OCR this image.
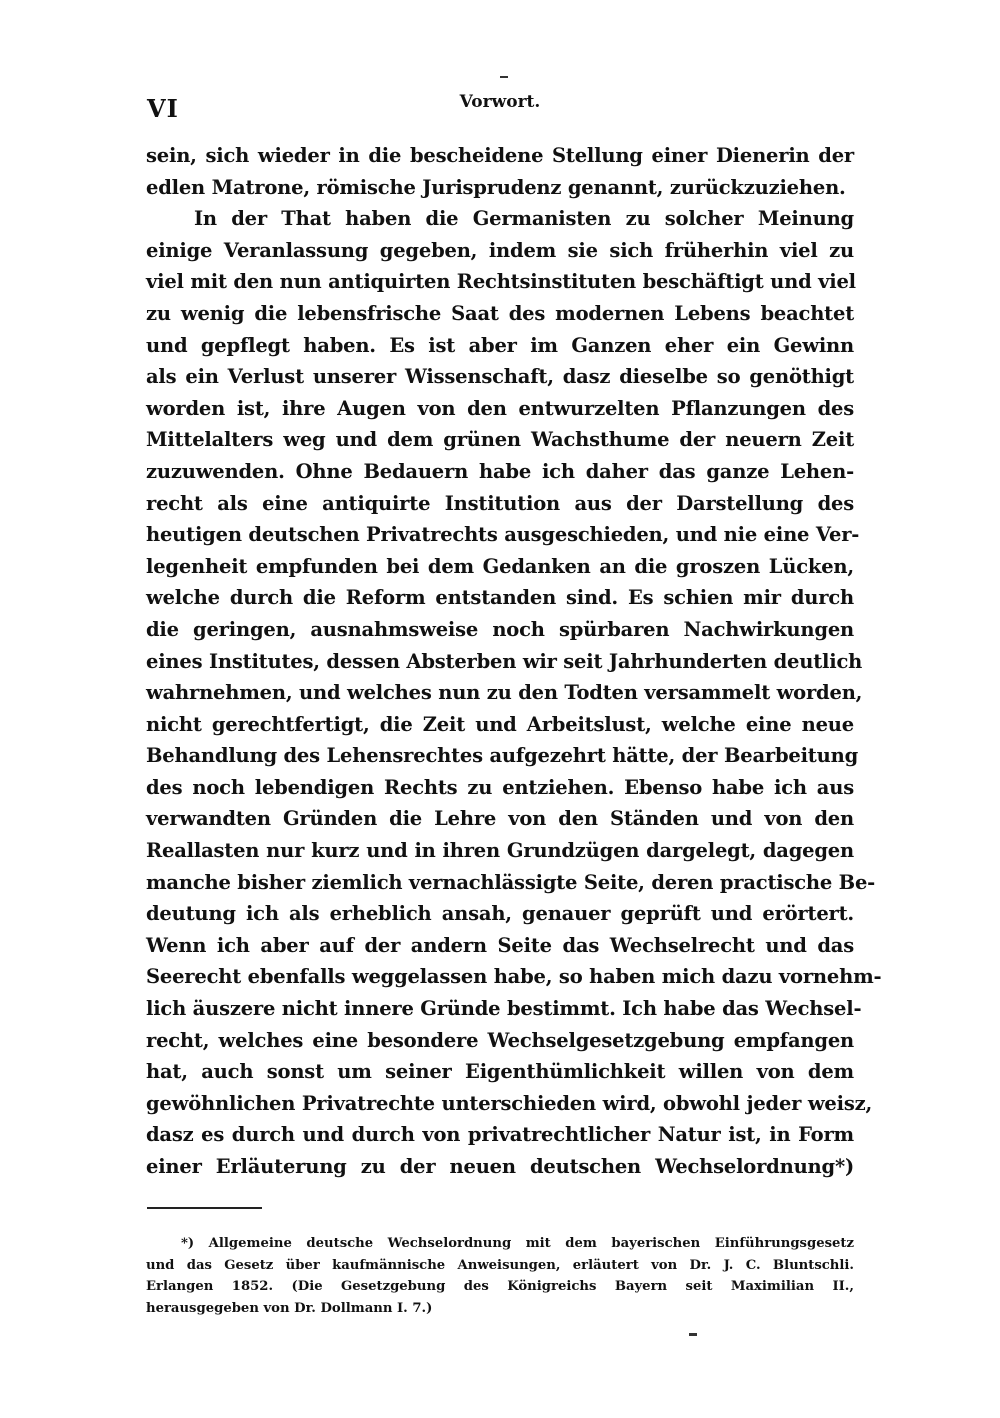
VI	Vorwort.
sein, sich wieder in die bescheidene Stellung einer Dienerin der
edlen Matrone, römische Jurisprudenz genannt, zurückzuziehen.
In der That haben die Germanisten zu solcher Meinung
einige Veranlassung gegeben, indem sie sich früherhin viel zu
viel mit den nun antiquirten Rechtsinstituten beschäftigt und viel
zu wenig die lebensfrische Saat des modernen Lebens beachtet
und gepflegt haben. Es ist aber im Ganzen eher ein Gewinn
als ein Verlust unserer Wissenschaft, dasz dieselbe so genöthigt
worden ist, ihre Augen von den entwurzelten Pflanzungen des
Mittelalters weg und dem grünen Wachsthume der neuern Zeit
zuzuwenden. Ohne Bedauern habe ich daher das ganze Lehen-
recht als eine antiquirte Institution aus der Darstellung des
heutigen deutschen Privatrechts ausgeschieden, und nie eine Ver-
legenheit empfunden bei dem Gedanken an die groszen Lücken,
welche durch die Reform entstanden sind. Es schien mir durch
die geringen, ausnahmsweise noch spürbaren Nachwirkungen
eines Institutes, dessen Absterben wir seit Jahrhunderten deutlich
wahrnehmen, und welches nun zu den Todten versammelt worden,
nicht gerechtfertigt, die Zeit und Arbeitslust, welche eine neue
Behandlung des Lehensrechtes aufgezehrt hätte, der Bearbeitung
des noch lebendigen Rechts zu entziehen. Ebenso habe ich aus
verwandten Gründen die Lehre von den Ständen und von den
Reallasten nur kurz und in ihren Grundzügen dargelegt, dagegen
manche bisher ziemlich vernachlässigte Seite, deren practische Be-
deutung ich als erheblich ansah, genauer geprüft und erörtert.
Wenn ich aber auf der andern Seite das Wechselrecht und das
Seerecht ebenfalls weggelassen habe, so haben mich dazu vornehm-
lich äuszere nicht innere Gründe bestimmt. Ich habe das Wechsel-
recht, welches eine besondere Wechselgesetzgebung empfangen
hat, auch sonst um seiner Eigenthümlichkeit willen von dem
gewöhnlichen Privatrechte unterschieden wird, obwohl jeder weisz,
dasz es durch und durch von privatrechtlicher Natur ist, in Form
einer Erläuterung zu der neuen deutschen Wechselordnung*)
*) Allgemeine deutsche Wechselordnung mit dem bayerischen Einführungsgesetz
und das Gesetz über kaufmännische Anweisungen, erläutert von Dr. J. C. Bluntschli.
Erlangen 1852. (Die Gesetzgebung des Königreichs Bayern seit Maximilian II.,
herausgegeben von Dr. Dollmann I. 7.)
